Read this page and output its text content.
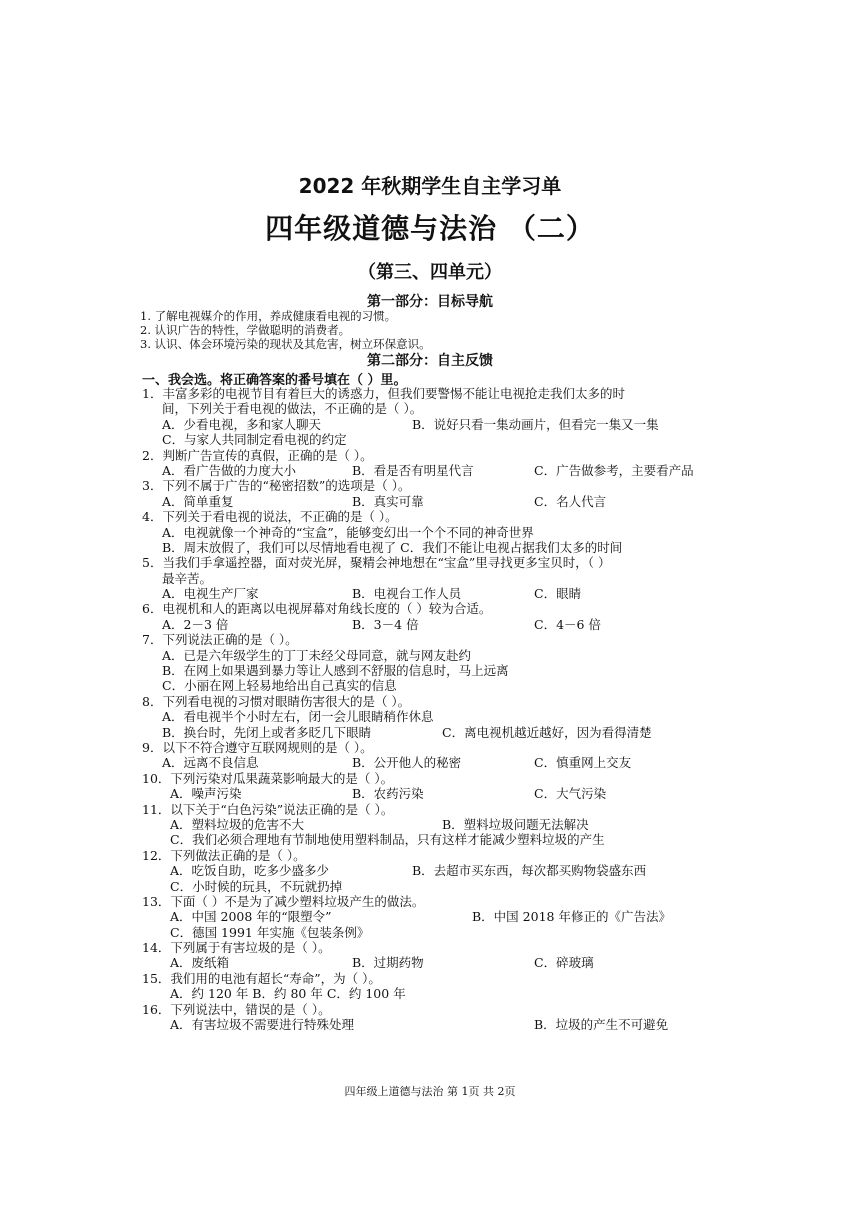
2022 年秋期学生自主学习单
四年级道德与法治 （二）
（第三、四单元）
第一部分：目标导航
1. 了解电视媒介的作用，养成健康看电视的习惯。
2. 认识广告的特性，学做聪明的消费者。
3. 认识、体会环境污染的现状及其危害，树立环保意识。
第二部分：自主反馈
一、我会选。将正确答案的番号填在（ ）里。
1．丰富多彩的电视节目有着巨大的诱惑力，但我们要警惕不能让电视抢走我们太多的时
间，下列关于看电视的做法，不正确的是（ ）。
A．少看电视，多和家人聊天	B．说好只看一集动画片，但看完一集又一集
C．与家人共同制定看电视的约定
2．判断广告宣传的真假，正确的是（ ）。
A．看广告做的力度大小	B．看是否有明星代言	C．广告做参考，主要看产品
3．下列不属于广告的“秘密招数”的选项是（ ）。
A．简单重复	B．真实可靠	C．名人代言
4．下列关于看电视的说法，不正确的是（ ）。
A．电视就像一个神奇的“宝盒”，能够变幻出一个个不同的神奇世界
B．周末放假了，我们可以尽情地看电视了 C．我们不能让电视占据我们太多的时间
5．当我们手拿遥控器，面对荧光屏，聚精会神地想在“宝盒”里寻找更多宝贝时，（ ）
最辛苦。
A．电视生产厂家	B．电视台工作人员	C．眼睛
6．电视机和人的距离以电视屏幕对角线长度的（ ）较为合适。
A．2－3 倍	B．3－4 倍	C．4－6 倍
7．下列说法正确的是（ ）。
A．已是六年级学生的丁丁未经父母同意，就与网友赴约
B．在网上如果遇到暴力等让人感到不舒服的信息时，马上远离
C．小丽在网上轻易地给出自己真实的信息
8．下列看电视的习惯对眼睛伤害很大的是（ ）。
A．看电视半个小时左右，闭一会儿眼睛稍作休息
B．换台时，先闭上或者多眨几下眼睛	C．离电视机越近越好，因为看得清楚
9．以下不符合遵守互联网规则的是（ ）。
A．远离不良信息	B．公开他人的秘密	C．慎重网上交友
10．下列污染对瓜果蔬菜影响最大的是（ ）。
A．噪声污染	B．农药污染	C．大气污染
11．以下关于“白色污染”说法正确的是（ ）。
A．塑料垃圾的危害不大	B．塑料垃圾问题无法解决
C．我们必须合理地有节制地使用塑料制品，只有这样才能减少塑料垃圾的产生
12．下列做法正确的是（ ）。
A．吃饭自助，吃多少盛多少	B．去超市买东西，每次都买购物袋盛东西
C．小时候的玩具，不玩就扔掉
13．下面（ ）不是为了减少塑料垃圾产生的做法。
A．中国 2008 年的“限塑令”	B．中国 2018 年修正的《广告法》
C．德国 1991 年实施《包装条例》
14．下列属于有害垃圾的是（ ）。
A．废纸箱	B．过期药物	C．碎玻璃
15．我们用的电池有超长“寿命”，为（ ）。
A．约 120 年 B．约 80 年 C．约 100 年
16．下列说法中，错误的是（ ）。
A．有害垃圾不需要进行特殊处理	B．垃圾的产生不可避免
四年级上道德与法治 第 1页 共 2页
